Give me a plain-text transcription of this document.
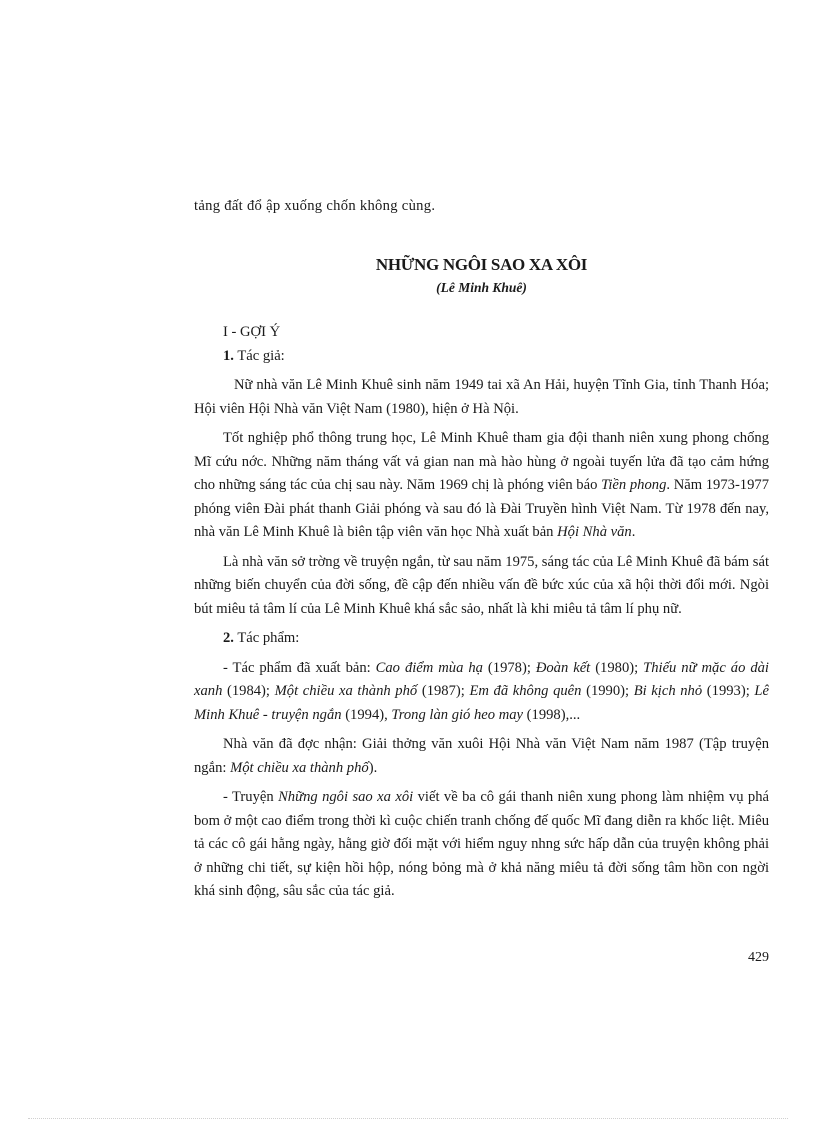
tảng đất đổ ập xuống chốn không cùng.
NHỮNG NGÔI SAO XA XÔI
(Lê Minh Khuê)
I - GỢI Ý
1. Tác giả:

Nữ nhà văn Lê Minh Khuê sinh năm 1949 tai xã An Hải, huyện Tĩnh Gia, tỉnh Thanh Hóa; Hội viên Hội Nhà văn Việt Nam (1980), hiện ở Hà Nội.

Tốt nghiệp phổ thông trung học, Lê Minh Khuê tham gia đội thanh niên xung phong chống Mĩ cứu nớc. Những năm tháng vất vả gian nan mà hào hùng ở ngoài tuyến lửa đã tạo cảm hứng cho những sáng tác của chị sau này. Năm 1969 chị là phóng viên báo Tiền phong. Năm 1973-1977 phóng viên Đài phát thanh Giải phóng và sau đó là Đài Truyền hình Việt Nam. Từ 1978 đến nay, nhà văn Lê Minh Khuê là biên tập viên văn học Nhà xuất bản Hội Nhà văn.

Là nhà văn sở trờng về truyện ngắn, từ sau năm 1975, sáng tác của Lê Minh Khuê đã bám sát những biến chuyển của đời sống, đề cập đến nhiều vấn đề bức xúc của xã hội thời đổi mới. Ngòi bút miêu tả tâm lí của Lê Minh Khuê khá sắc sảo, nhất là khi miêu tả tâm lí phụ nữ.

2. Tác phẩm:

- Tác phẩm đã xuất bản: Cao điểm mùa hạ (1978); Đoàn kết (1980); Thiếu nữ mặc áo dài xanh (1984); Một chiều xa thành phố (1987); Em đã không quên (1990); Bi kịch nhỏ (1993); Lê Minh Khuê - truyện ngắn (1994), Trong làn gió heo may (1998),...

Nhà văn đã đợc nhận: Giải thởng văn xuôi Hội Nhà văn Việt Nam năm 1987 (Tập truyện ngắn: Một chiều xa thành phố).

- Truyện Những ngôi sao xa xôi viết về ba cô gái thanh niên xung phong làm nhiệm vụ phá bom ở một cao điểm trong thời kì cuộc chiến tranh chống đế quốc Mĩ đang diễn ra khốc liệt. Miêu tả các cô gái hằng ngày, hằng giờ đối mặt với hiểm nguy nhng sức hấp dẫn của truyện không phải ở những chi tiết, sự kiện hồi hộp, nóng bỏng mà ở khả năng miêu tả đời sống tâm hồn con ngời khá sinh động, sâu sắc của tác giả.

429
